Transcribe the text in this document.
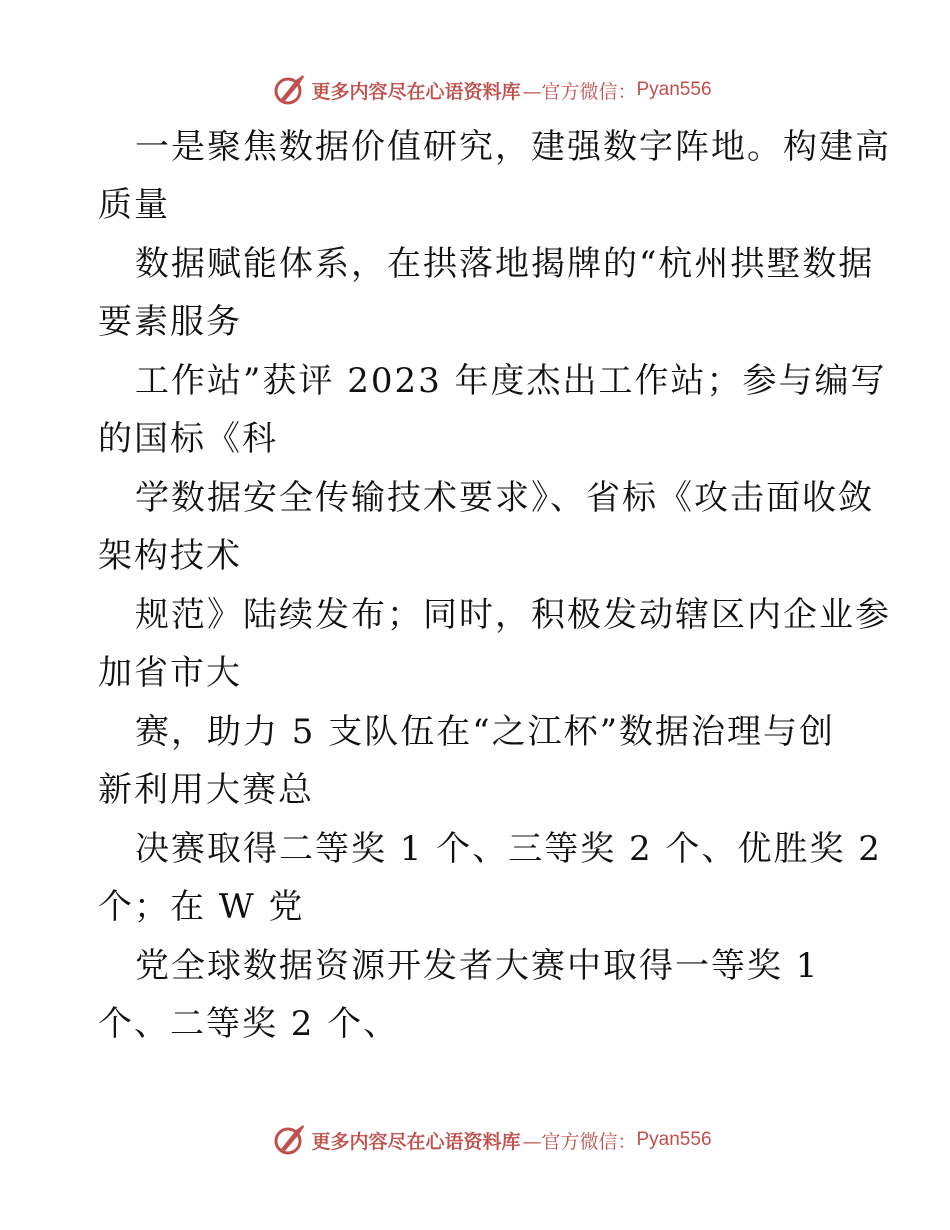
更多内容尽在心语资料库 —官方微信： Pyan556
一是聚焦数据价值研究，建强数字阵地。构建高
质量
数据赋能体系，在拱落地揭牌的“杭州拱墅数据
要素服务
工作站”获评 2023 年度杰出工作站；参与编写
的国标《科
学数据安全传输技术要求》、省标《攻击面收敛
架构技术
规范》陆续发布；同时，积极发动辖区内企业参
加省市大
赛，助力 5 支队伍在“之江杯”数据治理与创
新利用大赛总
决赛取得二等奖 1 个、三等奖 2 个、优胜奖 2
个；在 W 党
党全球数据资源开发者大赛中取得一等奖 1
个、二等奖 2 个、
更多内容尽在心语资料库 —官方微信： Pyan556
